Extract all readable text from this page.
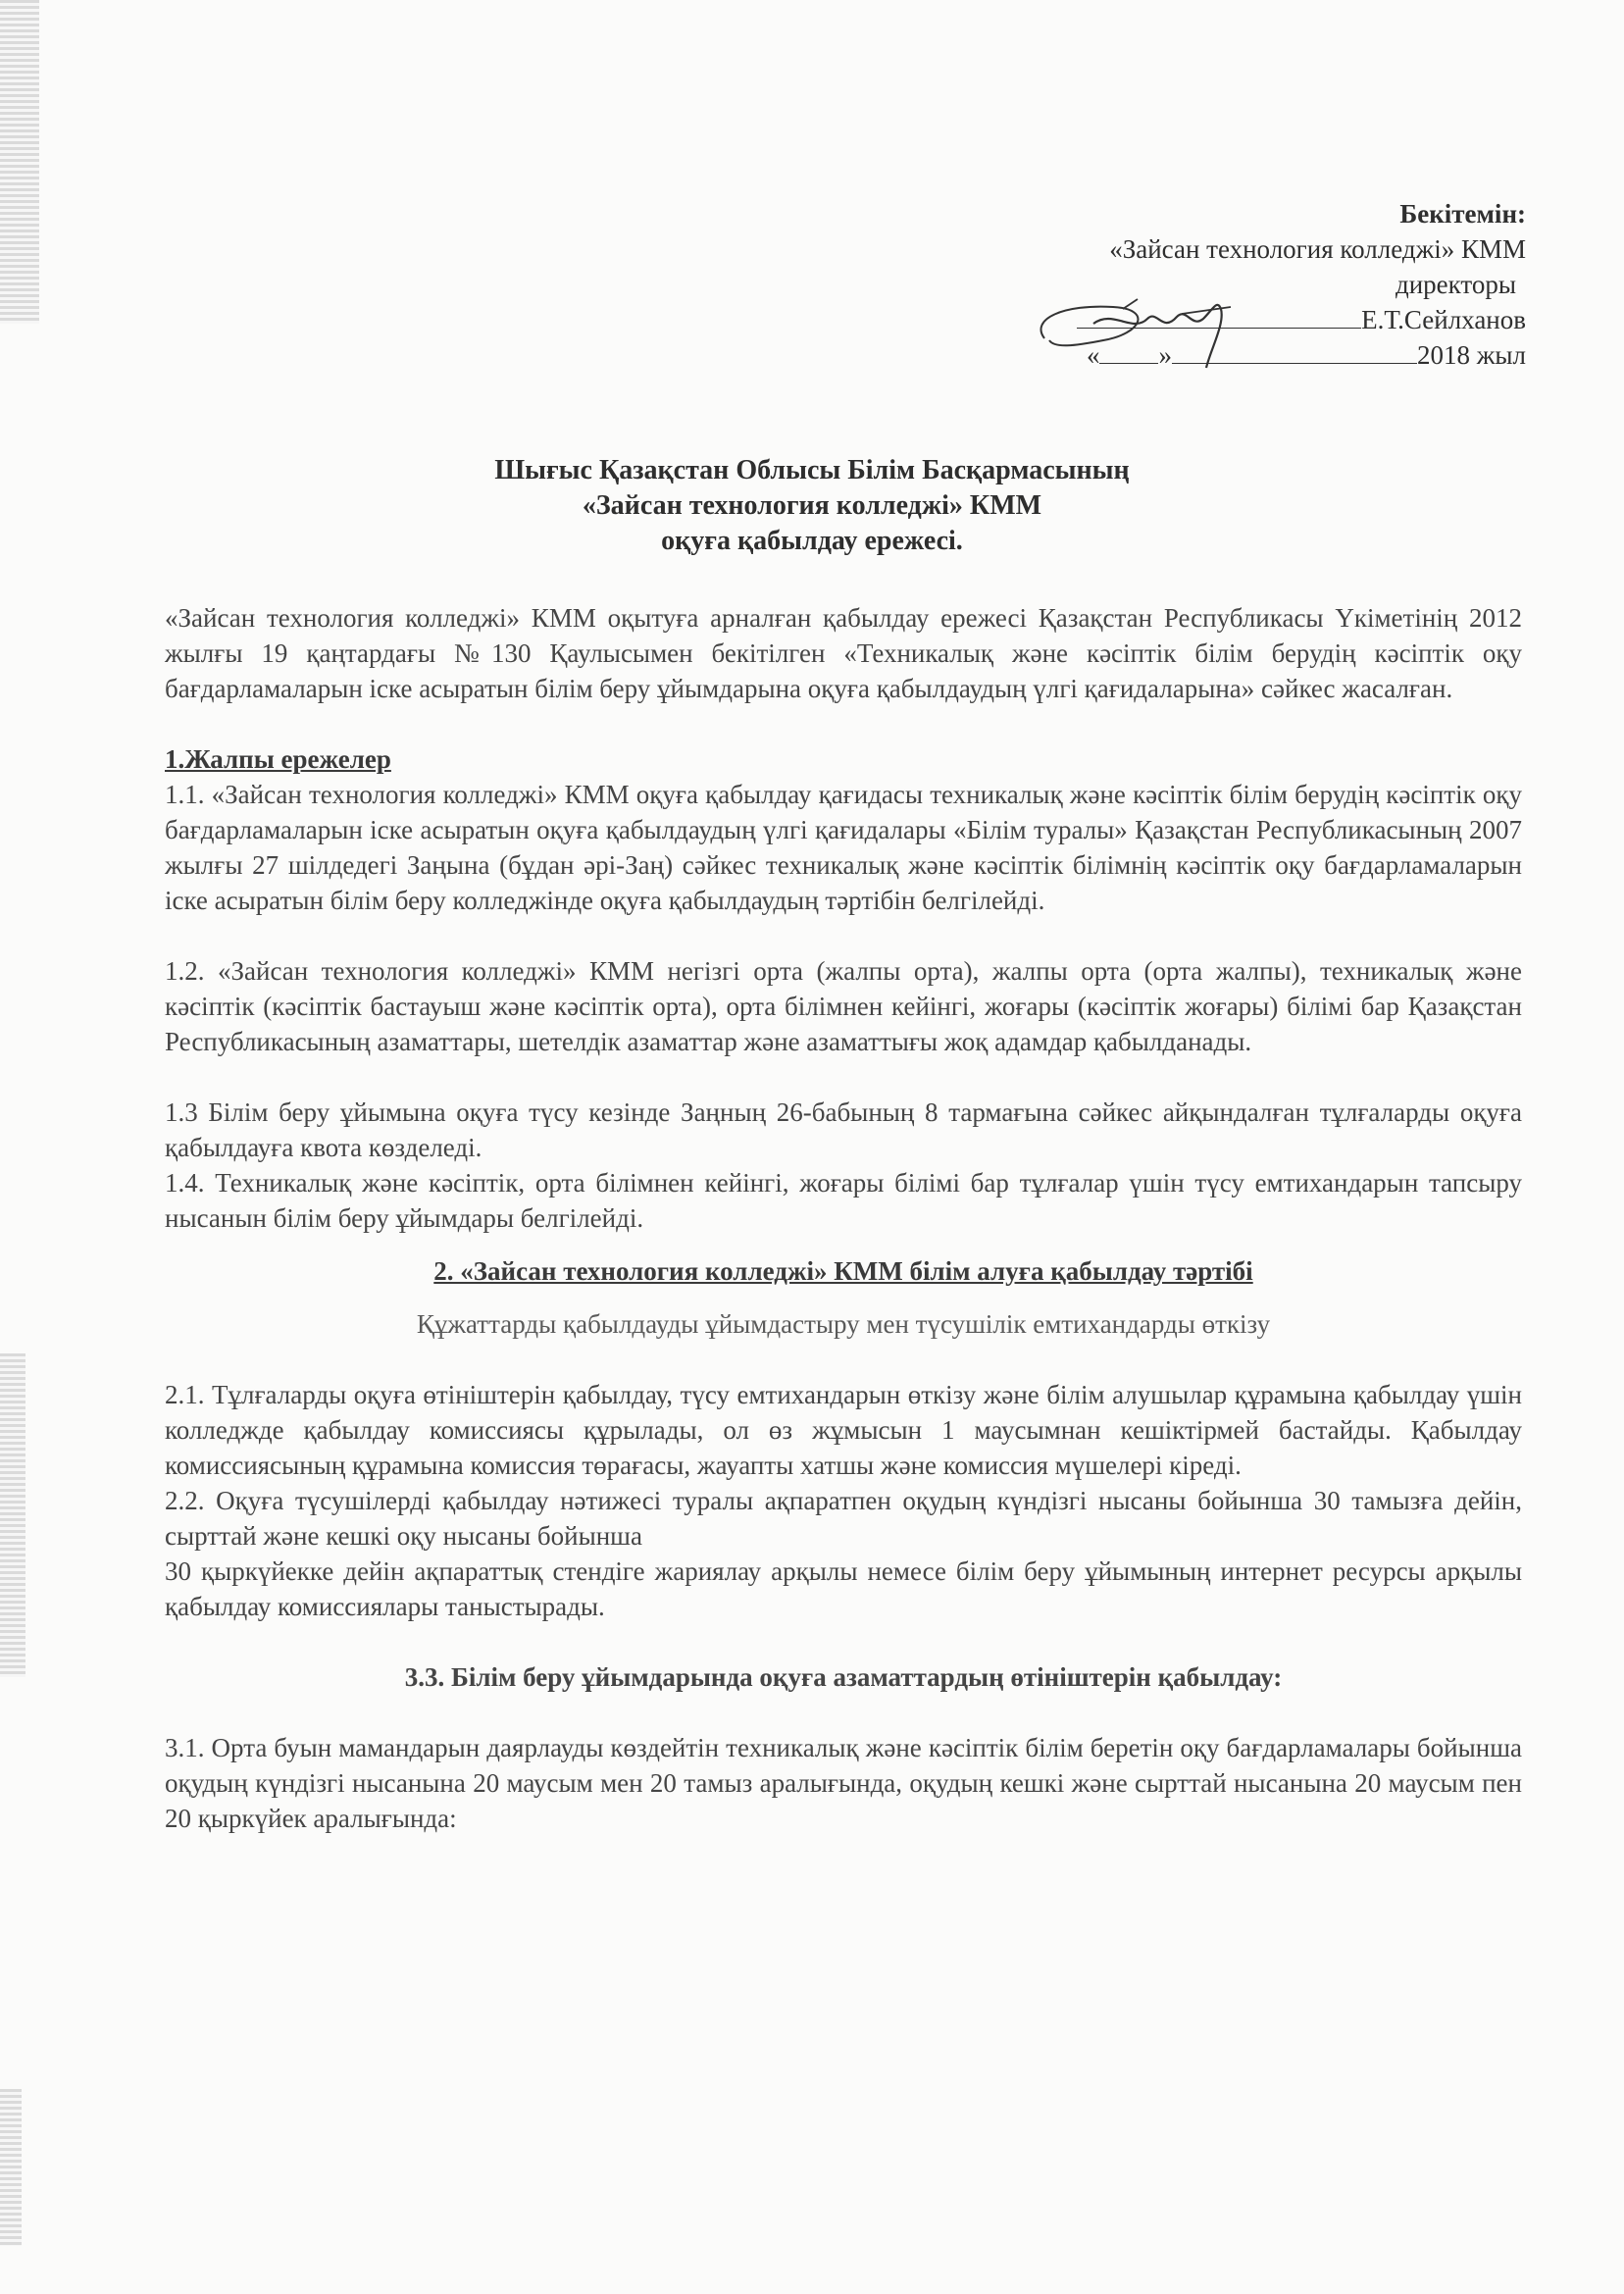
Бекітемін:
«Зайсан технология колледжі» КММ
директоры
Е.Т.Сейлханов
« »	2018 жыл
Шығыс Қазақстан Облысы Білім Басқармасының
«Зайсан технология колледжі» КММ
оқуға қабылдау ережесі.

«Зайсан технология колледжі» КММ оқытуға арналған қабылдау ережесі Қазақстан Республикасы Үкіметінің 2012 жылғы 19 қаңтардағы №130 Қаулысымен бекітілген «Техникалық және кәсіптік білім берудің кәсіптік оқу бағдарламаларын іске асыратын білім беру ұйымдарына оқуға қабылдаудың үлгі қағидаларына» сәйкес жасалған.

1.Жалпы ережелер

1.1. «Зайсан технология колледжі» КММ оқуға қабылдау қағидасы техникалық және кәсіптік білім берудің кәсіптік оқу бағдарламаларын іске асыратын оқуға қабылдаудың үлгі қағидалары «Білім туралы» Қазақстан Республикасының 2007 жылғы 27 шілдедегі Заңына (бұдан әрі-Заң) сәйкес техникалық және кәсіптік білімнің кәсіптік оқу бағдарламаларын іске асыратын білім беру колледжінде оқуға қабылдаудың тәртібін белгілейді.

1.2. «Зайсан технология колледжі» КММ негізгі орта (жалпы орта), жалпы орта (орта жалпы), техникалық және кәсіптік (кәсіптік бастауыш және кәсіптік орта), орта білімнен кейінгі, жоғары (кәсіптік жоғары) білімі бар Қазақстан Республикасының азаматтары, шетелдік азаматтар және азаматтығы жоқ адамдар қабылданады.

1.3 Білім беру ұйымына оқуға түсу кезінде Заңның 26-бабының 8 тармағына сәйкес айқындалған тұлғаларды оқуға қабылдауға квота көзделеді.

1.4. Техникалық және кәсіптік, орта білімнен кейінгі, жоғары білімі бар тұлғалар үшін түсу емтихандарын тапсыру нысанын білім беру ұйымдары белгілейді.

2. «Зайсан технология колледжі» КММ білім алуға қабылдау тәртібі

Құжаттарды қабылдауды ұйымдастыру мен түсушілік емтихандарды өткізу

2.1. Тұлғаларды оқуға өтініштерін қабылдау, түсу емтихандарын өткізу және білім алушылар құрамына қабылдау үшін колледжде қабылдау комиссиясы құрылады, ол өз жұмысын 1 маусымнан кешіктірмей бастайды. Қабылдау комиссиясының құрамына комиссия төрағасы, жауапты хатшы және комиссия мүшелері кіреді.

2.2. Оқуға түсушілерді қабылдау нәтижесі туралы ақпаратпен оқудың күндізгі нысаны бойынша 30 тамызға дейін, сырттай және кешкі оқу нысаны бойынша

30 қыркүйекке дейін ақпараттық стендіге жариялау арқылы немесе білім беру ұйымының интернет ресурсы арқылы қабылдау комиссиялары таныстырады.

3.3. Білім беру ұйымдарында оқуға азаматтардың өтініштерін қабылдау:

3.1. Орта буын мамандарын даярлауды көздейтін техникалық және кәсіптік білім беретін оқу бағдарламалары бойынша оқудың күндізгі нысанына 20 маусым мен 20 тамыз аралығында, оқудың кешкі және сырттай нысанына 20 маусым пен 20 қыркүйек аралығында:
